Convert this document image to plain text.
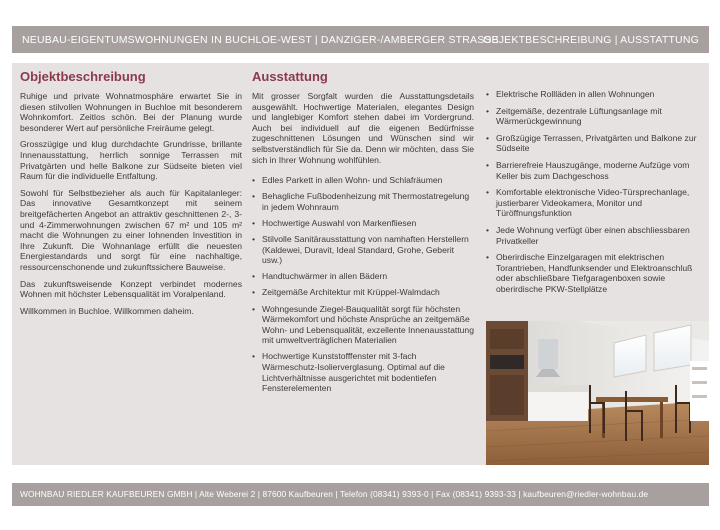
NEUBAU-EIGENTUMSWOHNUNGEN IN BUCHLOE-WEST | DANZIGER-/AMBERGER STRASSE
OBJEKTBESCHREIBUNG | AUSSTATTUNG
Objektbeschreibung

Ruhige und private Wohnatmosphäre erwartet Sie in diesen stilvollen Wohnungen in Buchloe mit besonderem Wohnkomfort. Zeitlos schön. Bei der Planung wurde besonderer Wert auf persönliche Freiräume gelegt.

Grosszügige und klug durchdachte Grundrisse, brillante Innenausstattung, herrlich sonnige Terrassen mit Privatgärten und helle Balkone zur Südseite bieten viel Raum für die individuelle Entfaltung.

Sowohl für Selbstbezieher als auch für Kapitalanleger: Das innovative Gesamtkonzept mit seinem breitgefächerten Angebot an attraktiv geschnittenen 2-, 3- und 4-Zimmerwohnungen zwischen 67 m² und 105 m² macht die Wohnungen zu einer lohnenden Investition in Ihre Zukunft. Die Wohnanlage erfüllt die neuesten Energiestandards und sorgt für eine nachhaltige, ressourcenschonende und zukunftssichere Bauweise.

Das zukunftsweisende Konzept verbindet modernes Wohnen mit höchster Lebensqualität im Voralpenland.

Willkommen in Buchloe. Willkommen daheim.

Ausstattung

Mit grosser Sorgfalt wurden die Ausstattungsdetails ausgewählt. Hochwertige Materialen, elegantes Design und langlebiger Komfort stehen dabei im Vordergrund. Auch bei individuell auf die eigenen Bedürfnisse zugeschnittenen Lösungen und Wünschen sind wir selbstverständlich für Sie da. Denn wir möchten, dass Sie sich in Ihrer Wohnung wohlfühlen.

• Edles Parkett in allen Wohn- und Schlafräumen
• Behagliche Fußbodenheizung mit Thermostatregelung in jedem Wohnraum
• Hochwertige Auswahl von Markenfliesen
• Stilvolle Sanitärausstattung von namhaften Herstellern (Kaldewei, Duravit, Ideal Standard, Grohe, Geberit usw.)
• Handtuchwärmer in allen Bädern
• Zeitgemäße Architektur mit Krüppel-Walmdach
• Wohngesunde Ziegel-Bauqualität sorgt für höchsten Wärmekomfort und höchste Ansprüche an zeitgemäße Wohn- und Lebensqualität, exzellente Innenausstattung mit umweltverträglichen Materialien
• Hochwertige Kunststofffenster mit 3-fach Wärmeschutz-Isolierverglasung. Optimal auf die Lichtverhältnisse ausgerichtet mit bodentiefen Fensterelementen
• Elektrische Rollläden in allen Wohnungen
• Zeitgemäße, dezentrale Lüftungsanlage mit Wärmerückgewinnung
• Großzügige Terrassen, Privatgärten und Balkone zur Südseite
• Barrierefreie Hauszugänge, moderne Aufzüge vom Keller bis zum Dachgeschoss
• Komfortable elektronische Video-Türsprechanlage, justierbarer Videokamera, Monitor und Türöffnungsfunktion
• Jede Wohnung verfügt über einen abschliessbaren Privatkeller
• Oberirdische Einzelgaragen mit elektrischen Torantrieben, Handfunksender und Elektroanschluß oder abschließbare Tiefgaragenboxen sowie oberirdische PKW-Stellplätze
WOHNBAU RIEDLER KAUFBEUREN GMBH | Alte Weberei 2 | 87600 Kaufbeuren | Telefon (08341) 9393-0 | Fax (08341) 9393-33 | kaufbeuren@riedler-wohnbau.de
